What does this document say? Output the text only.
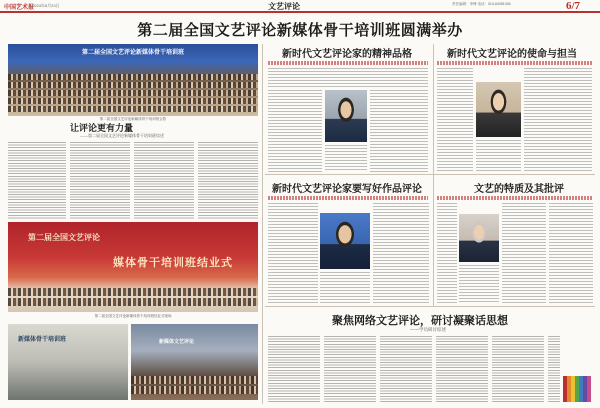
中国艺术报
2024年8月23日	文艺评论	责任编辑：李博 电话：010-64051036	6/7
第二届全国文艺评论新媒体骨干培训班圆满举办
第二届全国文艺评论新媒体骨干培训班
第二届全国文艺评论新媒体骨干培训班合影
让评论更有力量
——第二届全国文艺评论新媒体骨干培训班综述
第二届全国文艺评论
媒体骨干培训班结业式
第二届全国文艺评论新媒体骨干培训班结业式现场
新媒体骨干培训班	新媒体文艺评论
新时代文艺评论家的精神品格	新时代文艺评论的使命与担当
新时代文艺评论家要写好作品评论	文艺的特质及其批评
聚焦网络文艺评论，研讨凝聚话思想
——学员研讨综述
